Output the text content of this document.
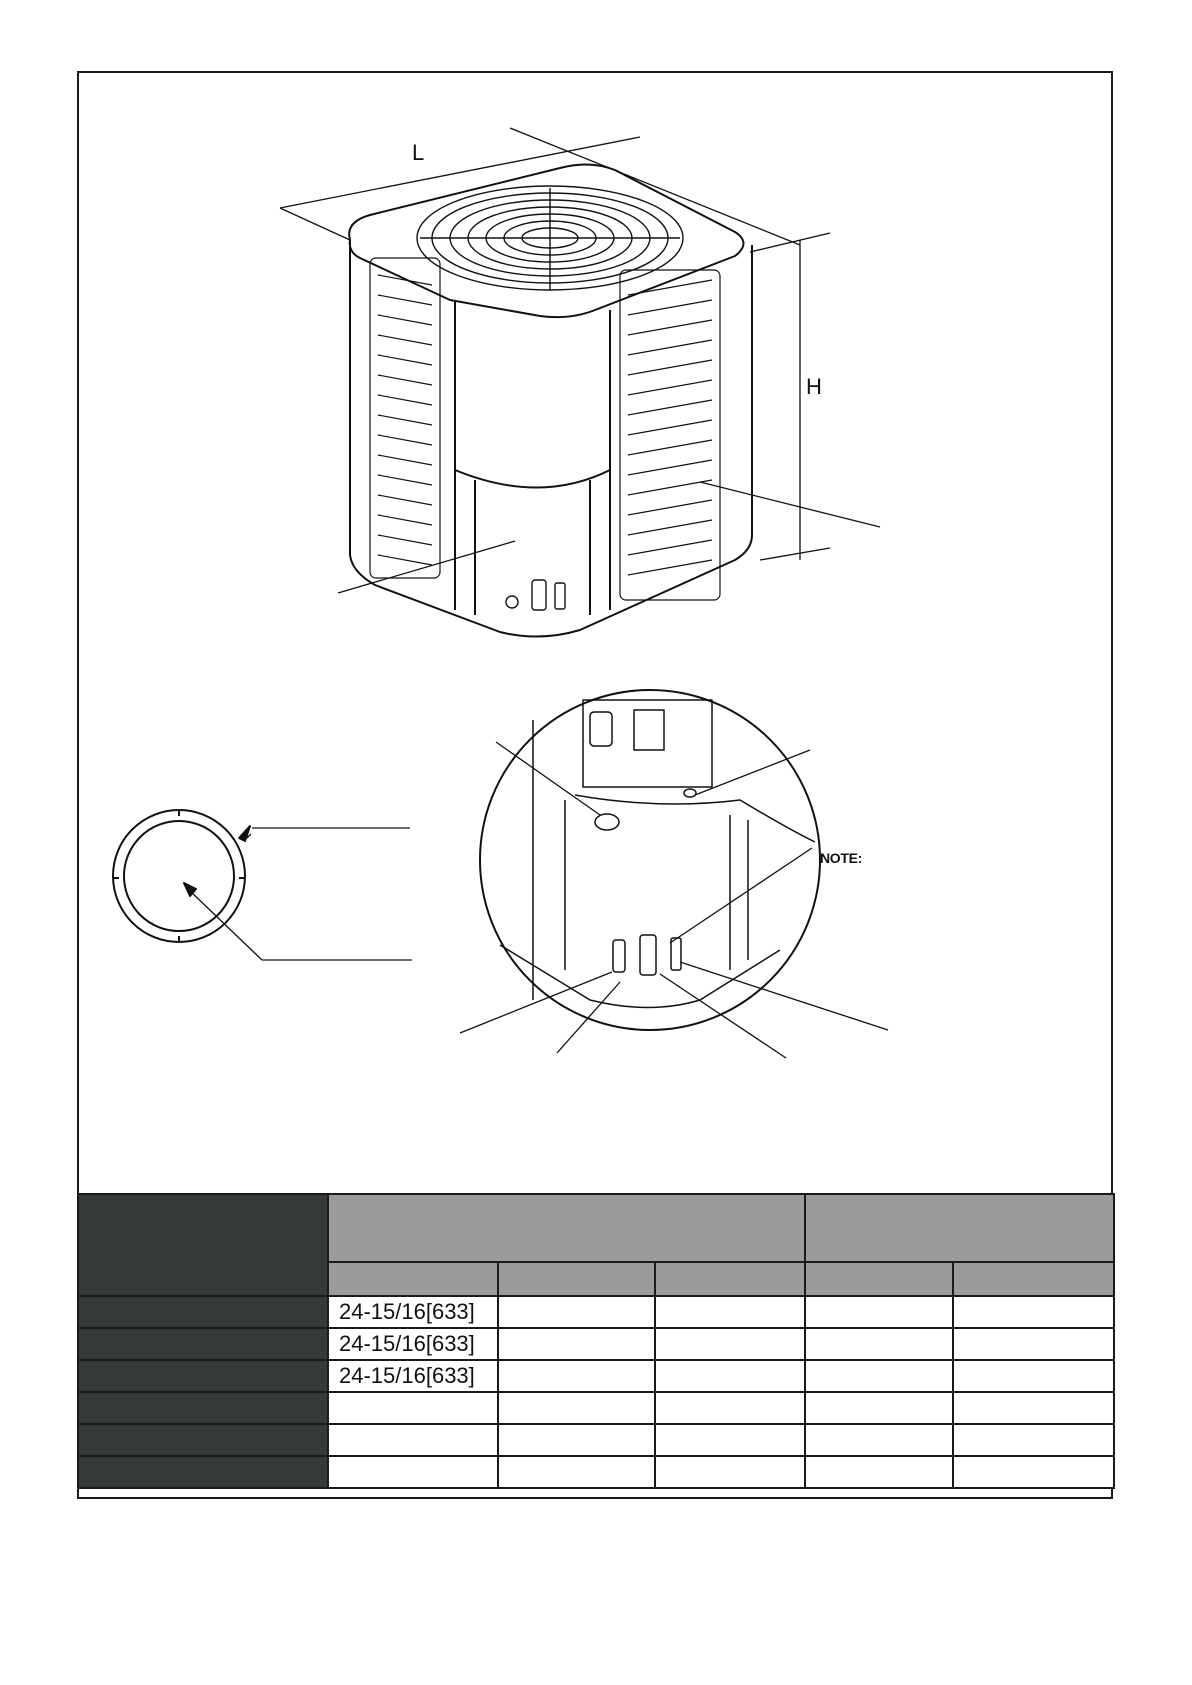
L
H
NOTE:

	24-15/16[633]				
	24-15/16[633]				
	24-15/16[633]				
